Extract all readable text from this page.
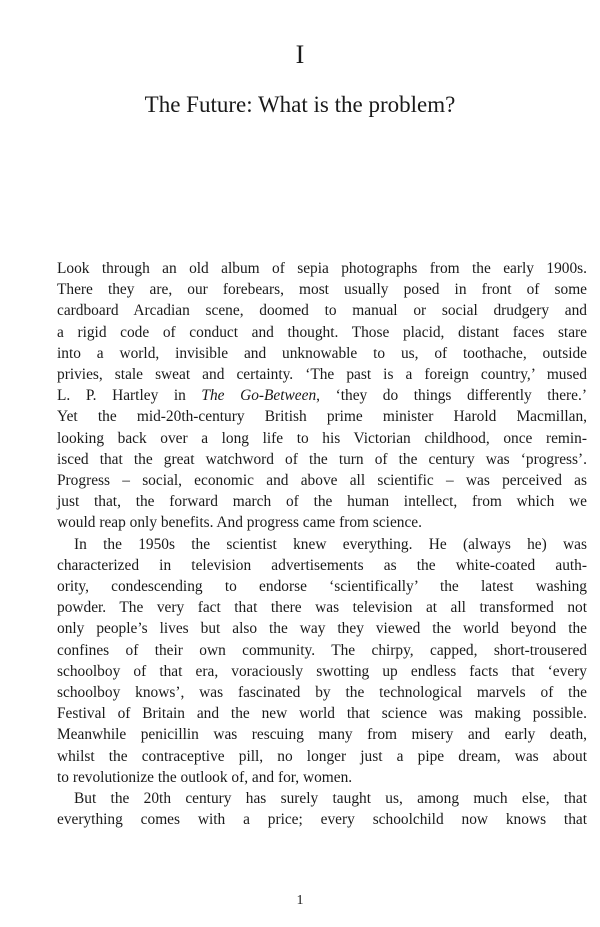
I
The Future: What is the problem?

Look through an old album of sepia photographs from the early 1900s.
There they are, our forebears, most usually posed in front of some
cardboard Arcadian scene, doomed to manual or social drudgery and
a rigid code of conduct and thought. Those placid, distant faces stare
into a world, invisible and unknowable to us, of toothache, outside
privies, stale sweat and certainty. ‘The past is a foreign country,’ mused
L. P. Hartley in The Go-Between, ‘they do things differently there.’
Yet the mid-20th-century British prime minister Harold Macmillan,
looking back over a long life to his Victorian childhood, once remin-
isced that the great watchword of the turn of the century was ‘progress’.
Progress – social, economic and above all scientific – was perceived as
just that, the forward march of the human intellect, from which we
would reap only benefits. And progress came from science.

In the 1950s the scientist knew everything. He (always he) was
characterized in television advertisements as the white-coated auth-
ority, condescending to endorse ‘scientifically’ the latest washing
powder. The very fact that there was television at all transformed not
only people’s lives but also the way they viewed the world beyond the
confines of their own community. The chirpy, capped, short-trousered
schoolboy of that era, voraciously swotting up endless facts that ‘every
schoolboy knows’, was fascinated by the technological marvels of the
Festival of Britain and the new world that science was making possible.
Meanwhile penicillin was rescuing many from misery and early death,
whilst the contraceptive pill, no longer just a pipe dream, was about
to revolutionize the outlook of, and for, women.

But the 20th century has surely taught us, among much else, that
everything comes with a price; every schoolchild now knows that

1
